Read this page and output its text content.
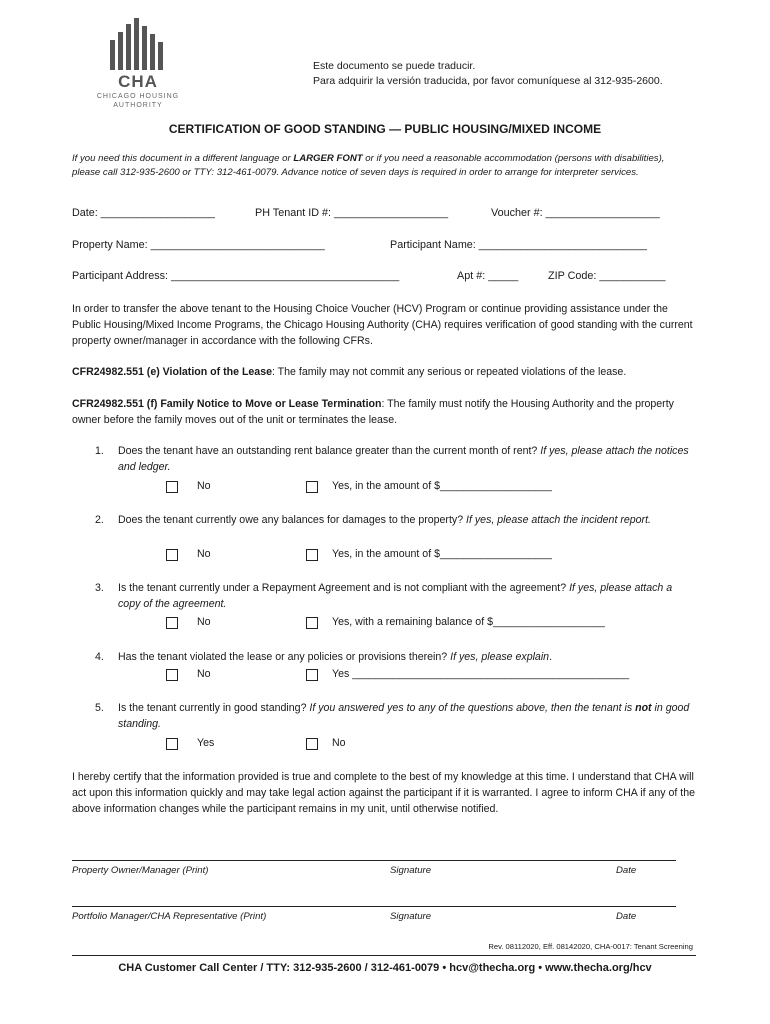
CHA
CHICAGO HOUSING
AUTHORITY
Este documento se puede traducir.
Para adquirir la versión traducida, por favor comuníquese al 312-935-2600.
CERTIFICATION OF GOOD STANDING — PUBLIC HOUSING/MIXED INCOME
If you need this document in a different language or LARGER FONT or if you need a reasonable accommodation (persons with disabilities), please call 312-935-2600 or TTY: 312-461-0079. Advance notice of seven days is required in order to arrange for interpreter services.
Date: ___________________	PH Tenant ID #: ___________________	Voucher #: ___________________
Property Name: _____________________________	Participant Name: ____________________________
Participant Address: ______________________________________	Apt #: _____	ZIP Code: ___________
In order to transfer the above tenant to the Housing Choice Voucher (HCV) Program or continue providing assistance under the Public Housing/Mixed Income Programs, the Chicago Housing Authority (CHA) requires verification of good standing with the current property owner/manager in accordance with the following CFRs.
CFR24982.551 (e) Violation of the Lease: The family may not commit any serious or repeated violations of the lease.
CFR24982.551 (f) Family Notice to Move or Lease Termination: The family must notify the Housing Authority and the property owner before the family moves out of the unit or terminates the lease.
1. Does the tenant have an outstanding rent balance greater than the current month of rent? If yes, please attach the notices and ledger.
No	Yes, in the amount of $___________________
2. Does the tenant currently owe any balances for damages to the property? If yes, please attach the incident report.
No	Yes, in the amount of $___________________
3. Is the tenant currently under a Repayment Agreement and is not compliant with the agreement? If yes, please attach a copy of the agreement.
No	Yes, with a remaining balance of $___________________
4. Has the tenant violated the lease or any policies or provisions therein? If yes, please explain.
No	Yes _______________________________________________
5. Is the tenant currently in good standing? If you answered yes to any of the questions above, then the tenant is not in good standing.
Yes	No
I hereby certify that the information provided is true and complete to the best of my knowledge at this time. I understand that CHA will act upon this information quickly and may take legal action against the participant if it is warranted. I agree to inform CHA if any of the above information changes while the participant remains in my unit, until otherwise notified.
Property Owner/Manager (Print)	Signature	Date
Portfolio Manager/CHA Representative (Print)	Signature	Date
Rev. 08112020, Eff. 08142020, CHA-0017: Tenant Screening
CHA Customer Call Center / TTY: 312-935-2600 / 312-461-0079 • hcv@thecha.org • www.thecha.org/hcv
